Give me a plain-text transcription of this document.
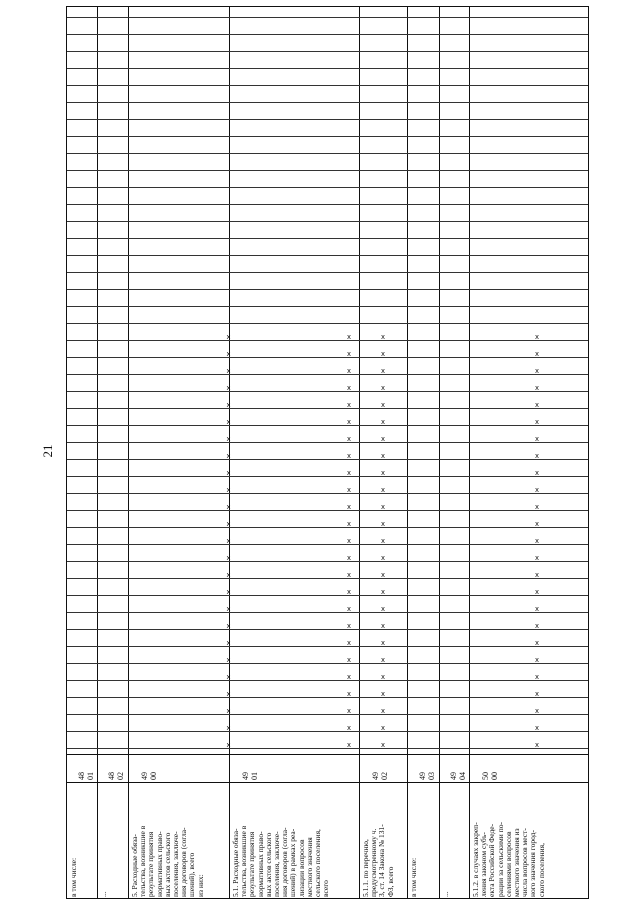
21
в том числе:
48
01
...
48
02
5. Расходные обяза-
тельства, возникшие в
результате принятия
нормативных право-
вых актов сельского
поселения, заключе-
ния договоров (согла-
шений), всего
из них:
49
00
x
x
x
x
x
x
x
x
x
x
x
x
x
x
x
x
x
x
x
x
x
x
x
x
x
5.1. Расходные обяза-
тельства, возникшие в
результате принятия
нормативных право-
вых актов сельского
поселения, заключе-
ния договоров (согла-
шений) в рамках реа-
лизации вопросов
местного значения
сельского поселения,
всего
49
01
x
x
x
x
x
x
x
x
x
x
x
x
x
x
x
x
x
x
x
x
x
x
x
x
x
5.1.1. по перечню,
предусмотренному ч.
3, ст. 14 Закона № 131-
ФЗ, всего
49
02
x
x
x
x
x
x
x
x
x
x
x
x
x
x
x
x
x
x
x
x
x
x
x
x
x
в том числе:
49
03
...
49
04
5.1.2. в случаях закреп-
ления законом субъ-
екта Российской Феде-
рации за сельскими по-
селениями вопросов
местного значения из
числа вопросов мест-
ного значения город-
ского поселения,
50
00
x
x
x
x
x
x
x
x
x
x
x
x
x
x
x
x
x
x
x
x
x
x
x
x
x
